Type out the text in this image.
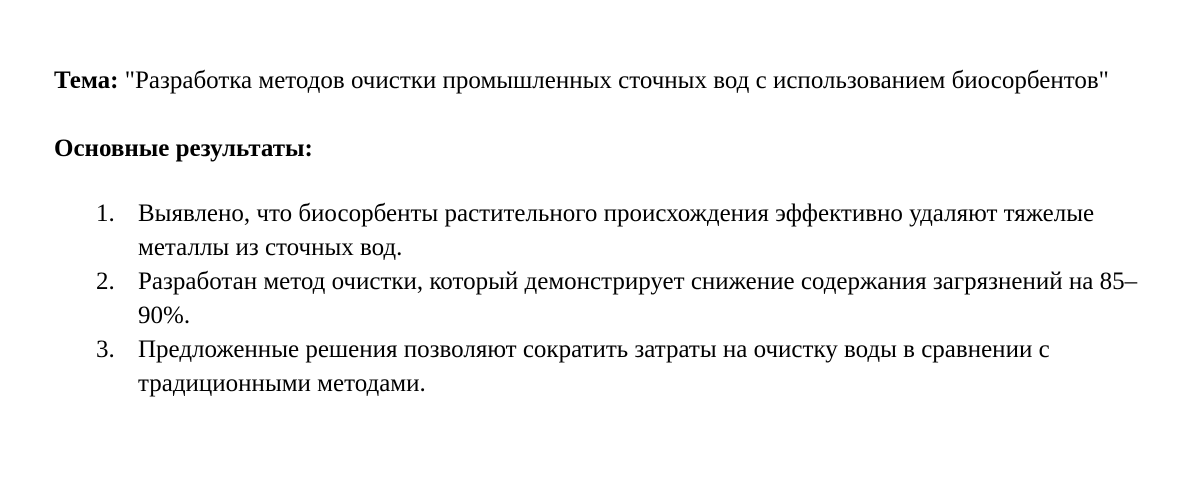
Тема: "Разработка методов очистки промышленных сточных вод с использованием биосорбентов"

Основные результаты:

1. Выявлено, что биосорбенты растительного происхождения эффективно удаляют тяжелые металлы из сточных вод.
2. Разработан метод очистки, который демонстрирует снижение содержания загрязнений на 85–90%.
3. Предложенные решения позволяют сократить затраты на очистку воды в сравнении с традиционными методами.
